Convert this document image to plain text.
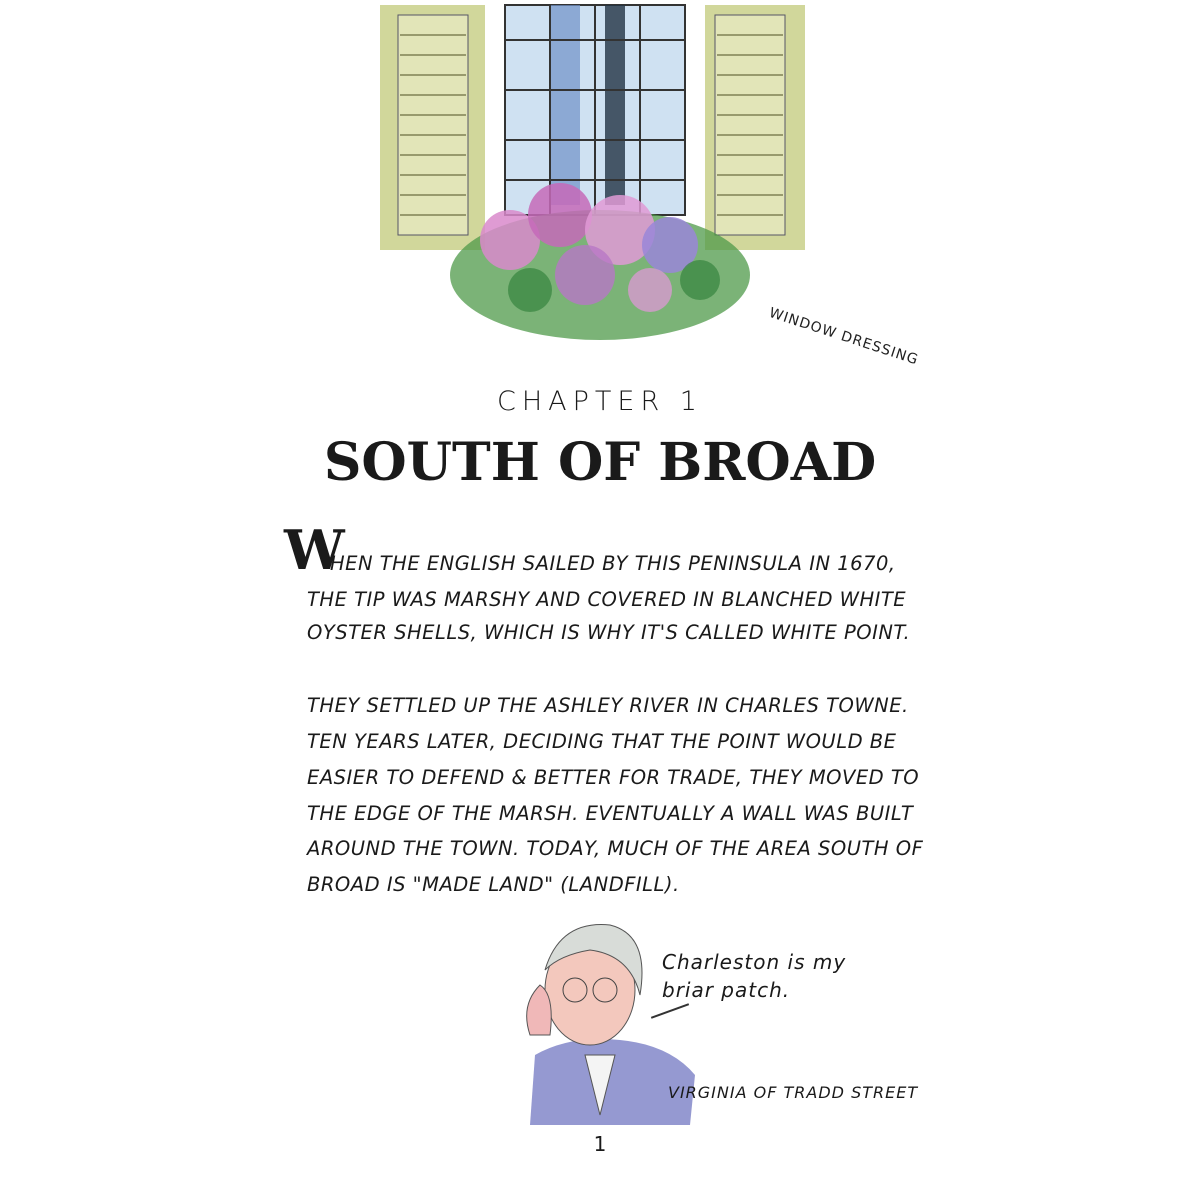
WINDOW DRESSING
CHAPTER 1
SOUTH OF BROAD
W
HEN THE ENGLISH SAILED BY THIS PENINSULA IN 1670,
THE TIP WAS MARSHY AND COVERED IN BLANCHED WHITE
OYSTER SHELLS, WHICH IS WHY IT'S CALLED WHITE POINT.
THEY SETTLED UP THE ASHLEY RIVER IN CHARLES TOWNE.
TEN YEARS LATER, DECIDING THAT THE POINT WOULD BE
EASIER TO DEFEND & BETTER FOR TRADE, THEY MOVED TO
THE EDGE OF THE MARSH. EVENTUALLY A WALL WAS BUILT
AROUND THE TOWN. TODAY, MUCH OF THE AREA SOUTH OF
BROAD IS "MADE LAND" (LANDFILL).
Charleston is my
briar patch.
VIRGINIA OF TRADD STREET
1
